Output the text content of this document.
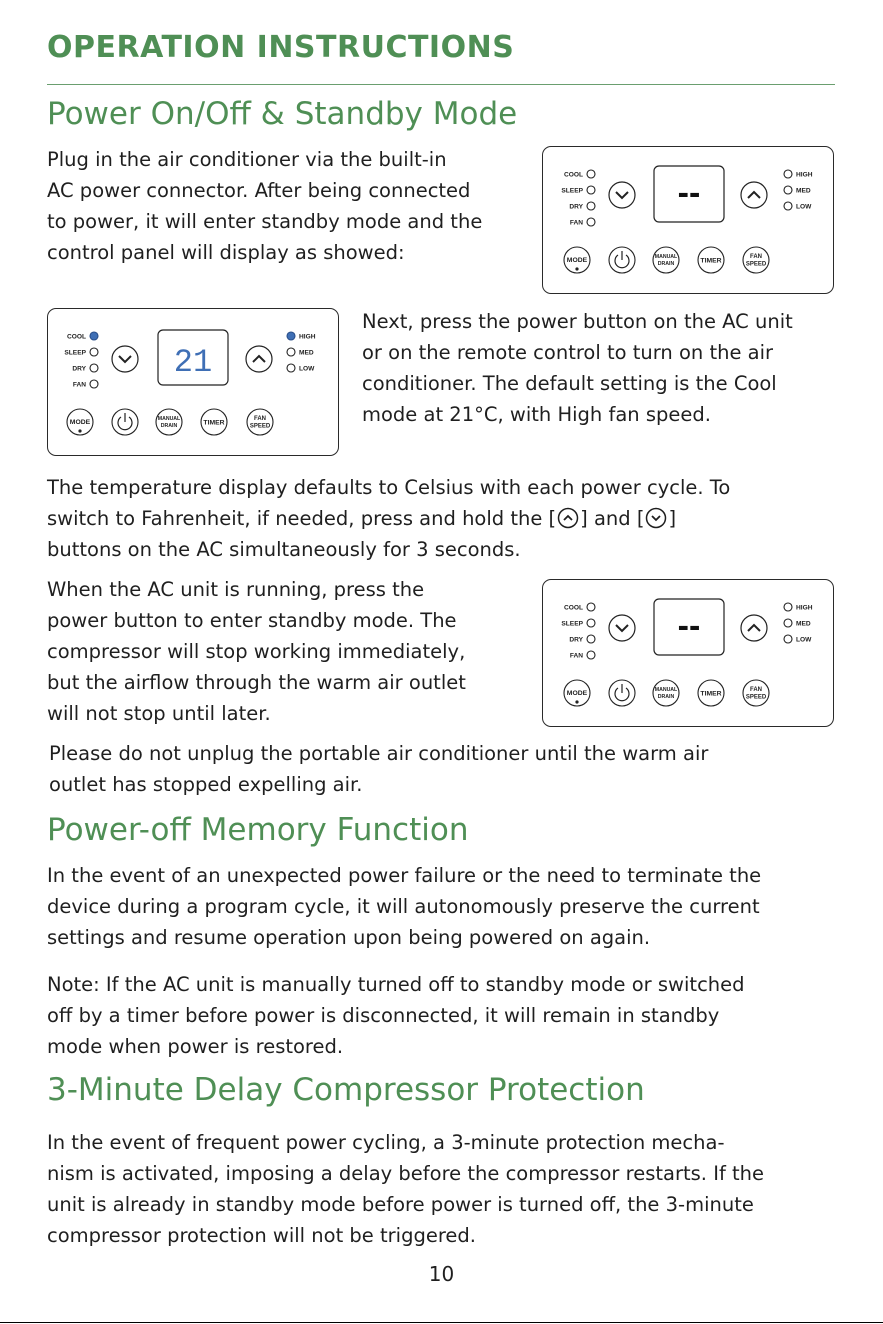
OPERATION INSTRUCTIONS
Power On/Off & Standby Mode

Plug in the air conditioner via the built-in
AC power connector. After being connected
to power, it will enter standby mode and the
control panel will display as showed:

COOL
SLEEP
DRY
FAN
HIGH
MED
LOW
--
MODE	MANUAL
DRAIN	TIMER
FAN
SPEED
COOL
SLEEP
DRY
FAN
HIGH
MED
LOW
21
MODE	MANUAL
DRAIN	TIMER
FAN
SPEED

Next, press the power button on the AC unit
or on the remote control to turn on the air
conditioner. The default setting is the Cool
mode at 21°C, with High fan speed.

The temperature display defaults to Celsius with each power cycle. To
switch to Fahrenheit, if needed, press and hold the [ ] and [ ]
buttons on the AC simultaneously for 3 seconds.

When the AC unit is running, press the
power button to enter standby mode. The
compressor will stop working immediately,
but the airflow through the warm air outlet
will not stop until later.

COOL
SLEEP
DRY
FAN
HIGH
MED
LOW
--
MODE	MANUAL
DRAIN	TIMER
FAN
SPEED

Please do not unplug the portable air conditioner until the warm air
outlet has stopped expelling air.

Power-off Memory Function

In the event of an unexpected power failure or the need to terminate the
device during a program cycle, it will autonomously preserve the current
settings and resume operation upon being powered on again.

Note: If the AC unit is manually turned off to standby mode or switched
off by a timer before power is disconnected, it will remain in standby
mode when power is restored.

3-Minute Delay Compressor Protection

In the event of frequent power cycling, a 3-minute protection mecha-
nism is activated, imposing a delay before the compressor restarts. If the
unit is already in standby mode before power is turned off, the 3-minute
compressor protection will not be triggered.

10
